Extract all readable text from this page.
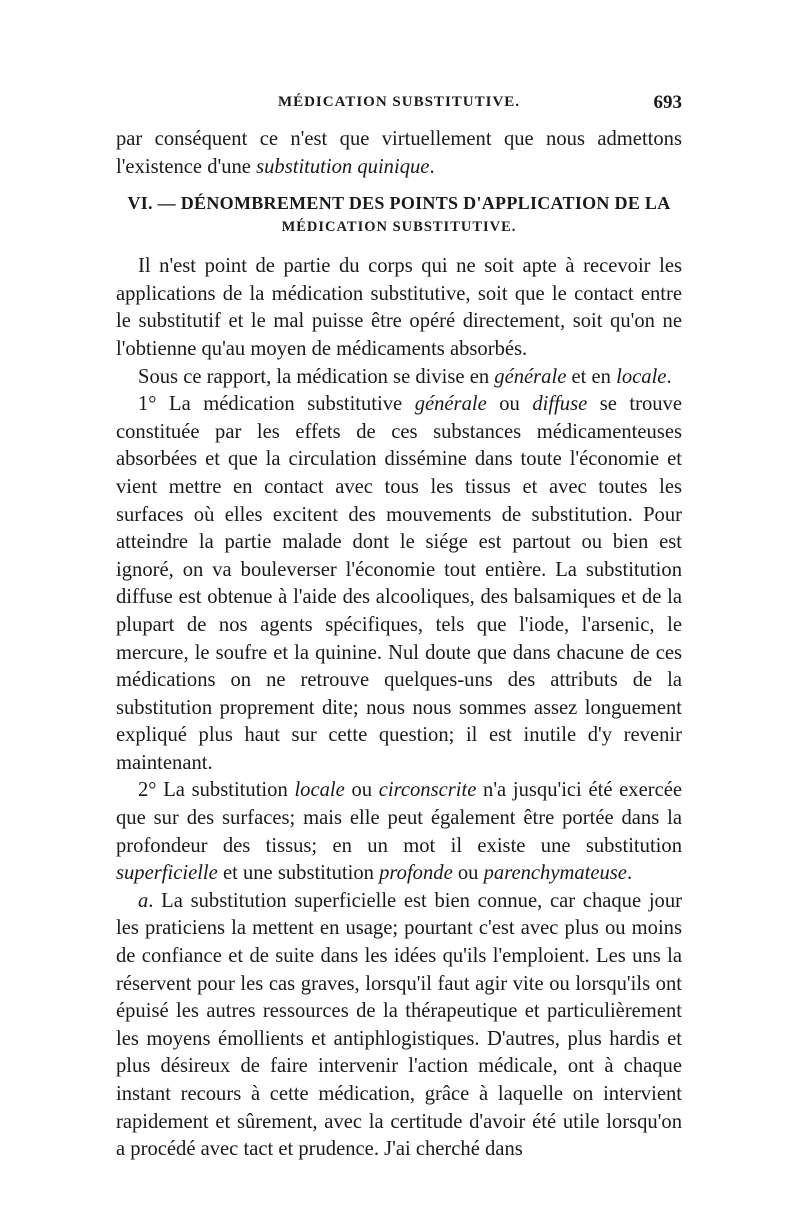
MÉDICATION SUBSTITUTIVE.	693

par conséquent ce n'est que virtuellement que nous admettons l'existence d'une substitution quinique.

VI. — DÉNOMBREMENT DES POINTS D'APPLICATION DE LA
MÉDICATION SUBSTITUTIVE.

Il n'est point de partie du corps qui ne soit apte à recevoir les applications de la médication substitutive, soit que le contact entre le substitutif et le mal puisse être opéré directement, soit qu'on ne l'obtienne qu'au moyen de médicaments absorbés.

Sous ce rapport, la médication se divise en générale et en locale.

1° La médication substitutive générale ou diffuse se trouve constituée par les effets de ces substances médicamenteuses absorbées et que la circulation dissémine dans toute l'économie et vient mettre en contact avec tous les tissus et avec toutes les surfaces où elles excitent des mouvements de substitution. Pour atteindre la partie malade dont le siége est partout ou bien est ignoré, on va bouleverser l'économie tout entière. La substitution diffuse est obtenue à l'aide des alcooliques, des balsamiques et de la plupart de nos agents spécifiques, tels que l'iode, l'arsenic, le mercure, le soufre et la quinine. Nul doute que dans chacune de ces médications on ne retrouve quelques-uns des attributs de la substitution proprement dite; nous nous sommes assez longuement expliqué plus haut sur cette question; il est inutile d'y revenir maintenant.

2° La substitution locale ou circonscrite n'a jusqu'ici été exercée que sur des surfaces; mais elle peut également être portée dans la profondeur des tissus; en un mot il existe une substitution superficielle et une substitution profonde ou parenchymateuse.

a. La substitution superficielle est bien connue, car chaque jour les praticiens la mettent en usage; pourtant c'est avec plus ou moins de confiance et de suite dans les idées qu'ils l'emploient. Les uns la réservent pour les cas graves, lorsqu'il faut agir vite ou lorsqu'ils ont épuisé les autres ressources de la thérapeutique et particulièrement les moyens émollients et antiphlogistiques. D'autres, plus hardis et plus désireux de faire intervenir l'action médicale, ont à chaque instant recours à cette médication, grâce à laquelle on intervient rapidement et sûrement, avec la certitude d'avoir été utile lorsqu'on a procédé avec tact et prudence. J'ai cherché dans
